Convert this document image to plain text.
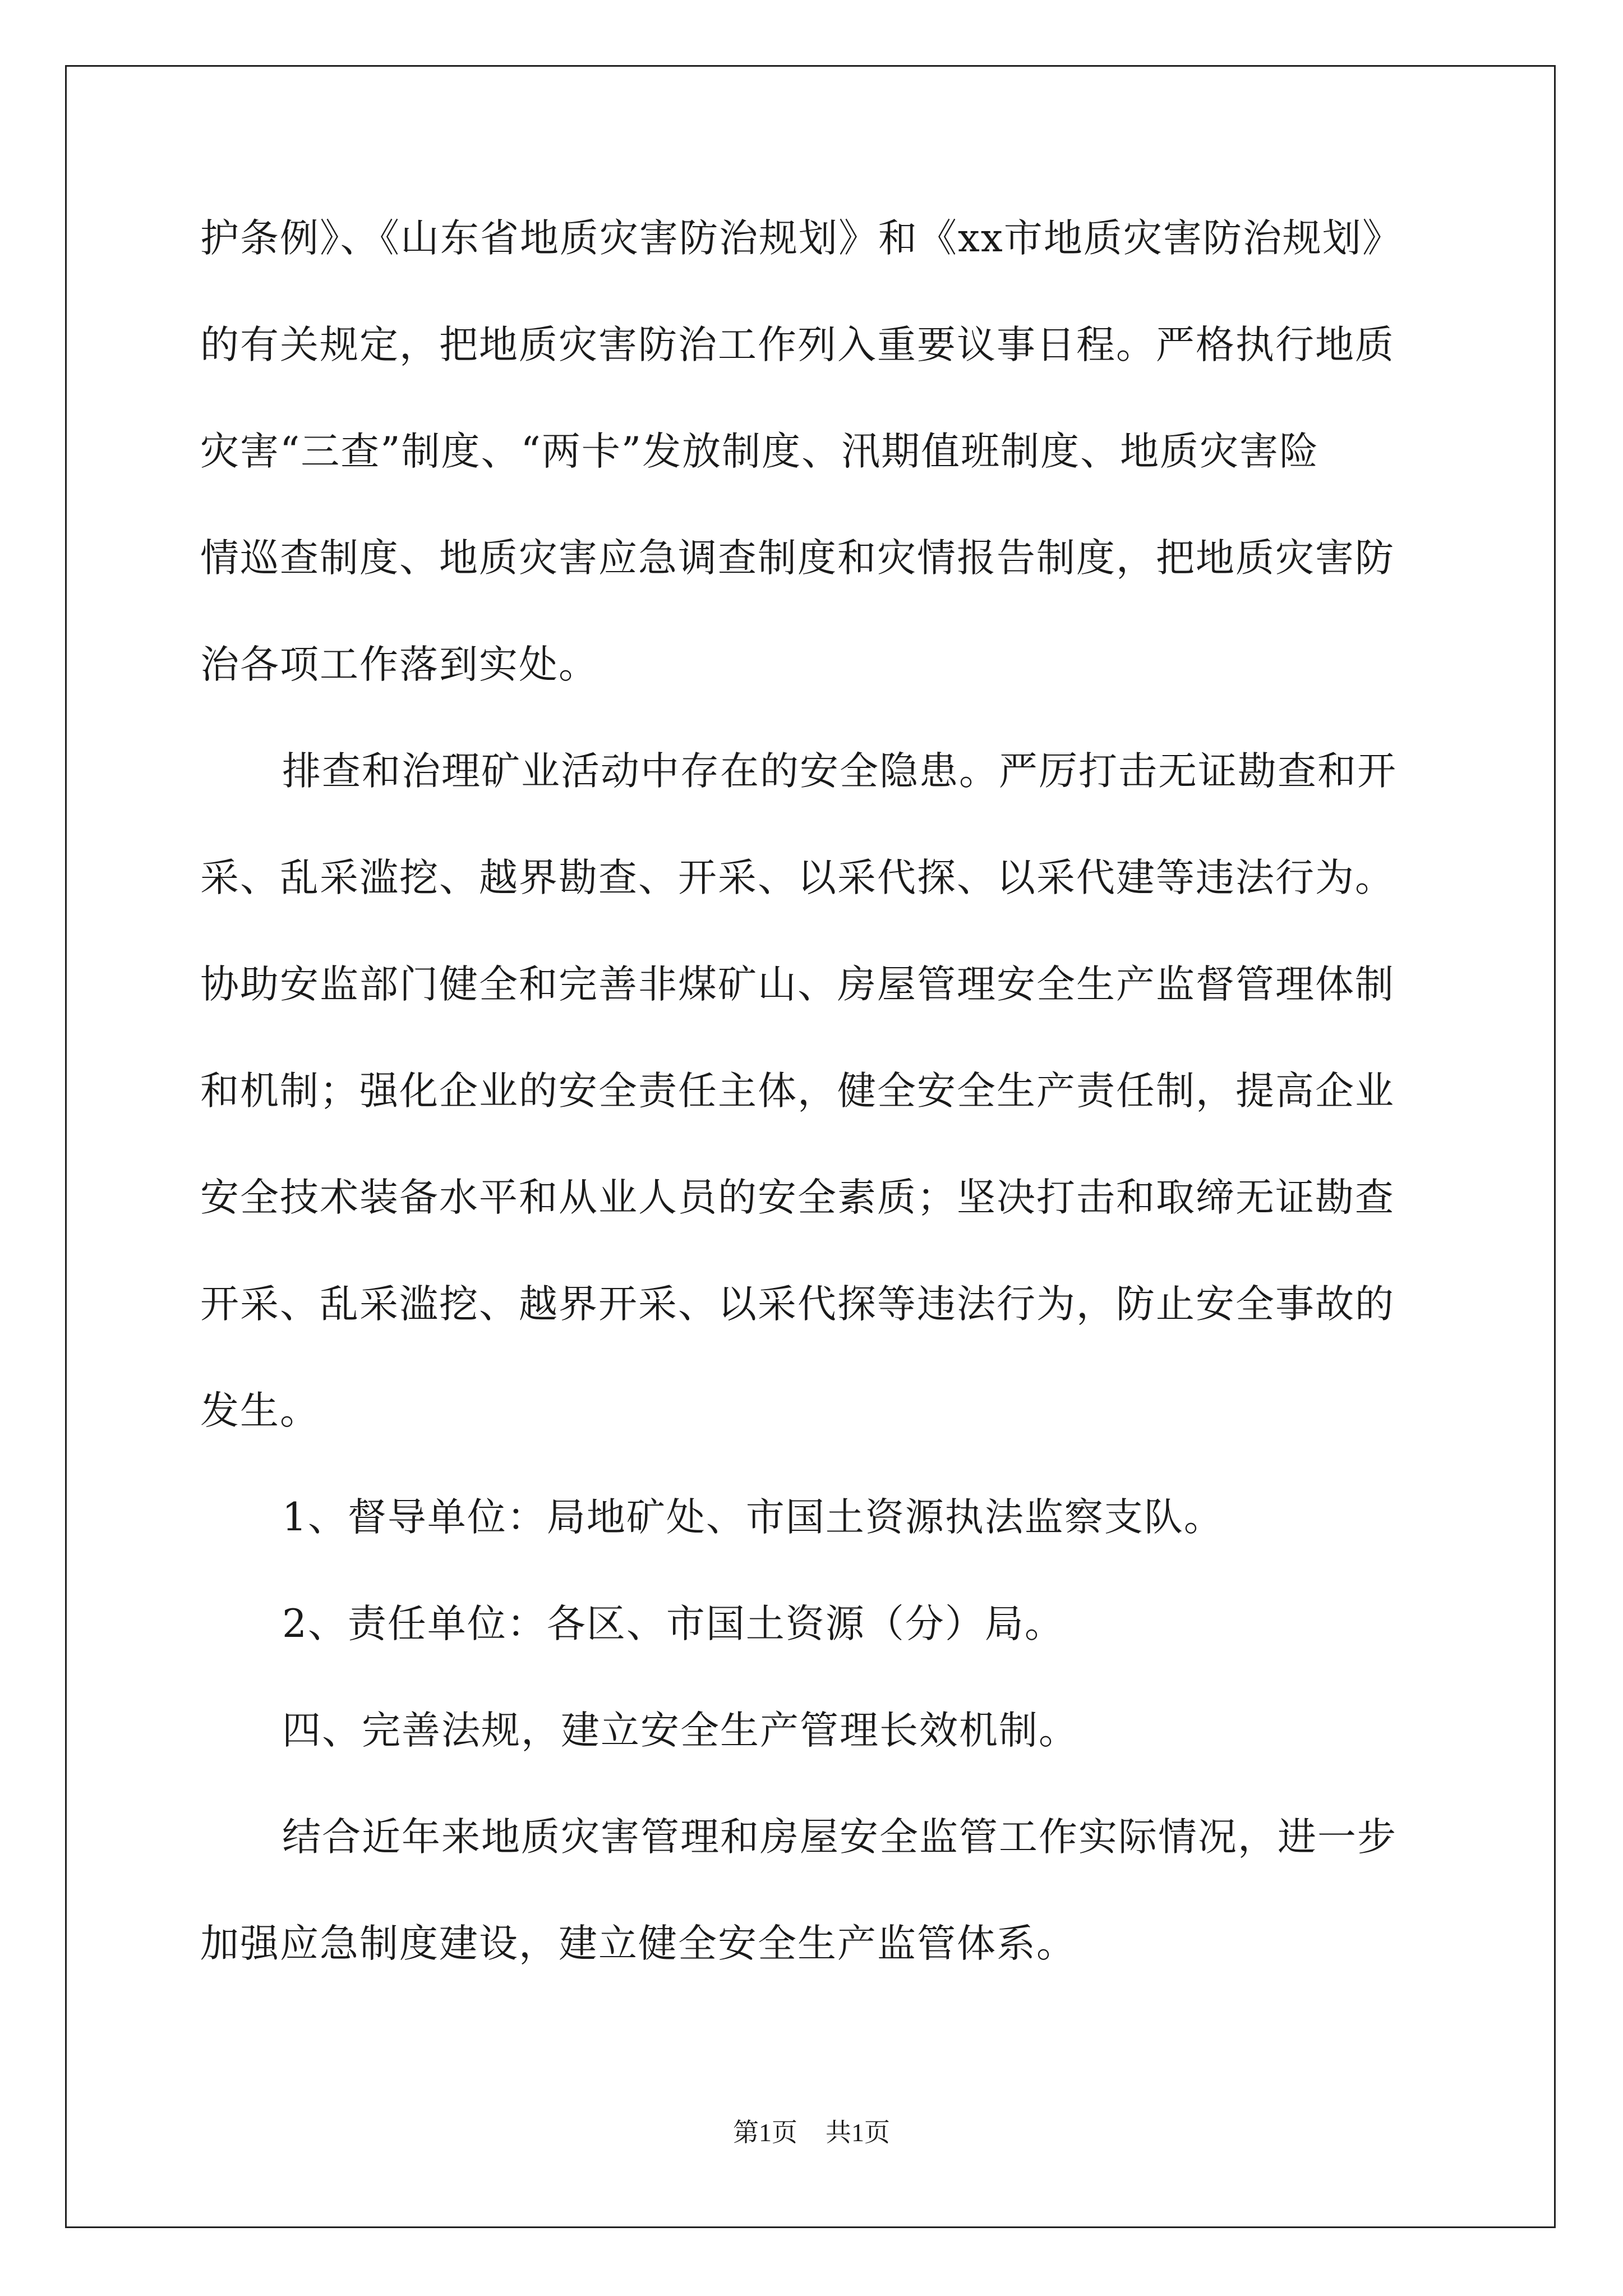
护条例》、《山东省地质灾害防治规划》和《xx市地质灾害防治规划》
的有关规定，把地质灾害防治工作列入重要议事日程。严格执行地质
灾害“三查”制度、“两卡”发放制度、汛期值班制度、地质灾害险
情巡查制度、地质灾害应急调查制度和灾情报告制度，把地质灾害防
治各项工作落到实处。
排查和治理矿业活动中存在的安全隐患。严厉打击无证勘查和开
采、乱采滥挖、越界勘查、开采、以采代探、以采代建等违法行为。
协助安监部门健全和完善非煤矿山、房屋管理安全生产监督管理体制
和机制；强化企业的安全责任主体，健全安全生产责任制，提高企业
安全技术装备水平和从业人员的安全素质；坚决打击和取缔无证勘查
开采、乱采滥挖、越界开采、以采代探等违法行为，防止安全事故的
发生。
1、督导单位：局地矿处、市国土资源执法监察支队。
2、责任单位：各区、市国土资源（分）局。
四、完善法规，建立安全生产管理长效机制。
结合近年来地质灾害管理和房屋安全监管工作实际情况，进一步
加强应急制度建设，建立健全安全生产监管体系。
第1页 共1页
